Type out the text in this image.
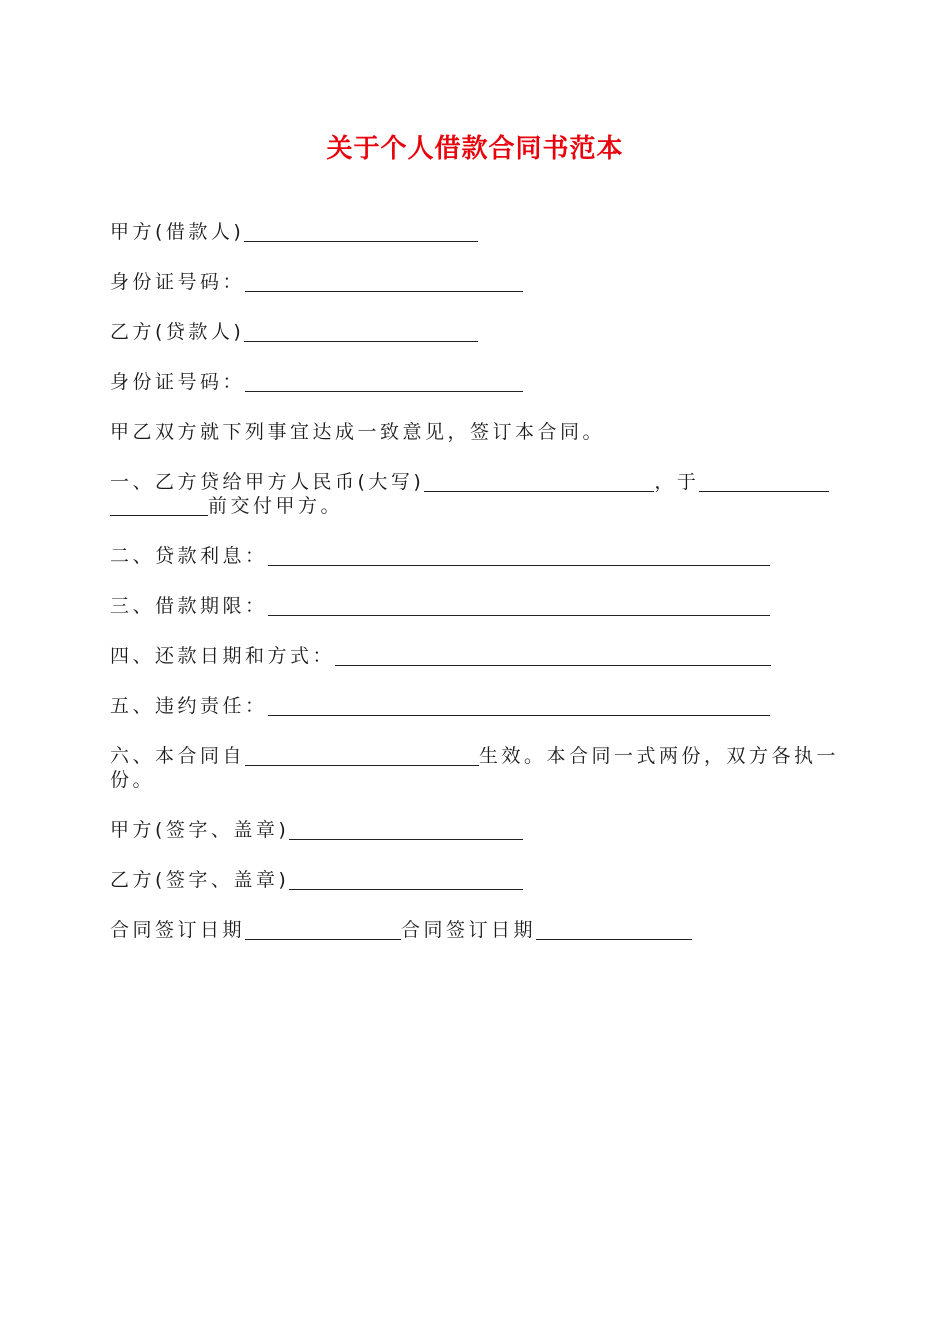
关于个人借款合同书范本
甲方(借款人)
身份证号码：
乙方(贷款人)
身份证号码：
甲乙双方就下列事宜达成一致意见，签订本合同。
一、乙方贷给甲方人民币(大写)	，于
前交付甲方。
二、贷款利息：
三、借款期限：
四、还款日期和方式：
五、违约责任：
六、本合同自	生效。本合同一式两份，双方各执一
份。
甲方(签字、盖章)
乙方(签字、盖章)
合同签订日期	合同签订日期
